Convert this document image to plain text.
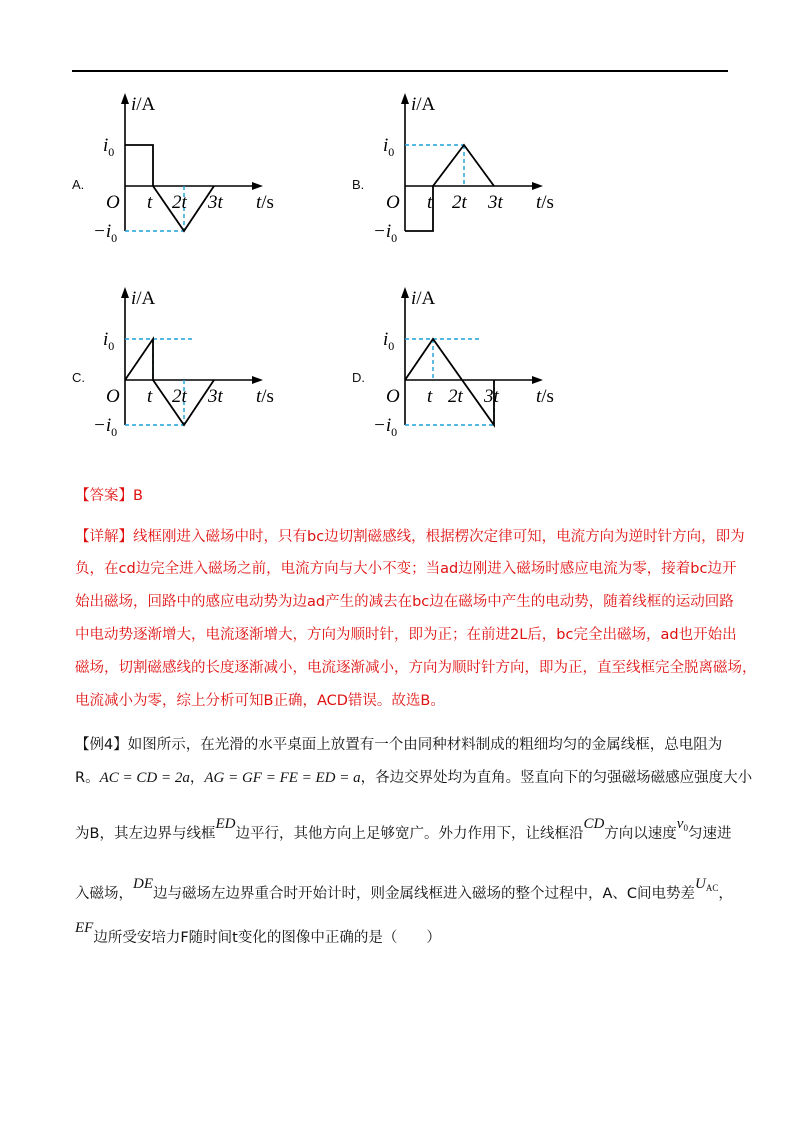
A.	B.
C.	D.
i/A
t/s
O
$i_0$
$-i_0$
t 2t 3t
i/A
t/s
O
$i_0$
$-i_0$
t 2t 3t
i/A
t/s
O
$i_0$
$-i_0$
t 2t 3t
i/A
t/s
O
$i_0$
$-i_0$
t 2t 3t
【答案】B
【详解】线框刚进入磁场中时，只有bc边切割磁感线，根据楞次定律可知，电流方向为逆时针方向，即为
负，在cd边完全进入磁场之前，电流方向与大小不变；当ad边刚进入磁场时感应电流为零，接着bc边开
始出磁场，回路中的感应电动势为边ad产生的减去在bc边在磁场中产生的电动势，随着线框的运动回路
中电动势逐渐增大，电流逐渐增大，方向为顺时针，即为正；在前进2L后，bc完全出磁场，ad也开始出
磁场，切割磁感线的长度逐渐减小，电流逐渐减小，方向为顺时针方向，即为正，直至线框完全脱离磁场，
电流减小为零，综上分析可知B正确，ACD错误。故选B。
【例4】如图所示，在光滑的水平桌面上放置有一个由同种材料制成的粗细均匀的金属线框，总电阻为
R。AC = CD = 2a，AG = GF = FE = ED = a，各边交界处均为直角。竖直向下的匀强磁场磁感应强度大小
为B，其左边界与线框ED边平行，其他方向上足够宽广。外力作用下，让线框沿CD方向以速度$v_0$匀速进
入磁场，DE边与磁场左边界重合时开始计时，则金属线框进入磁场的整个过程中，A、C间电势差$U_{AC}$，
EF边所受安培力F随时间t变化的图像中正确的是（　　）
